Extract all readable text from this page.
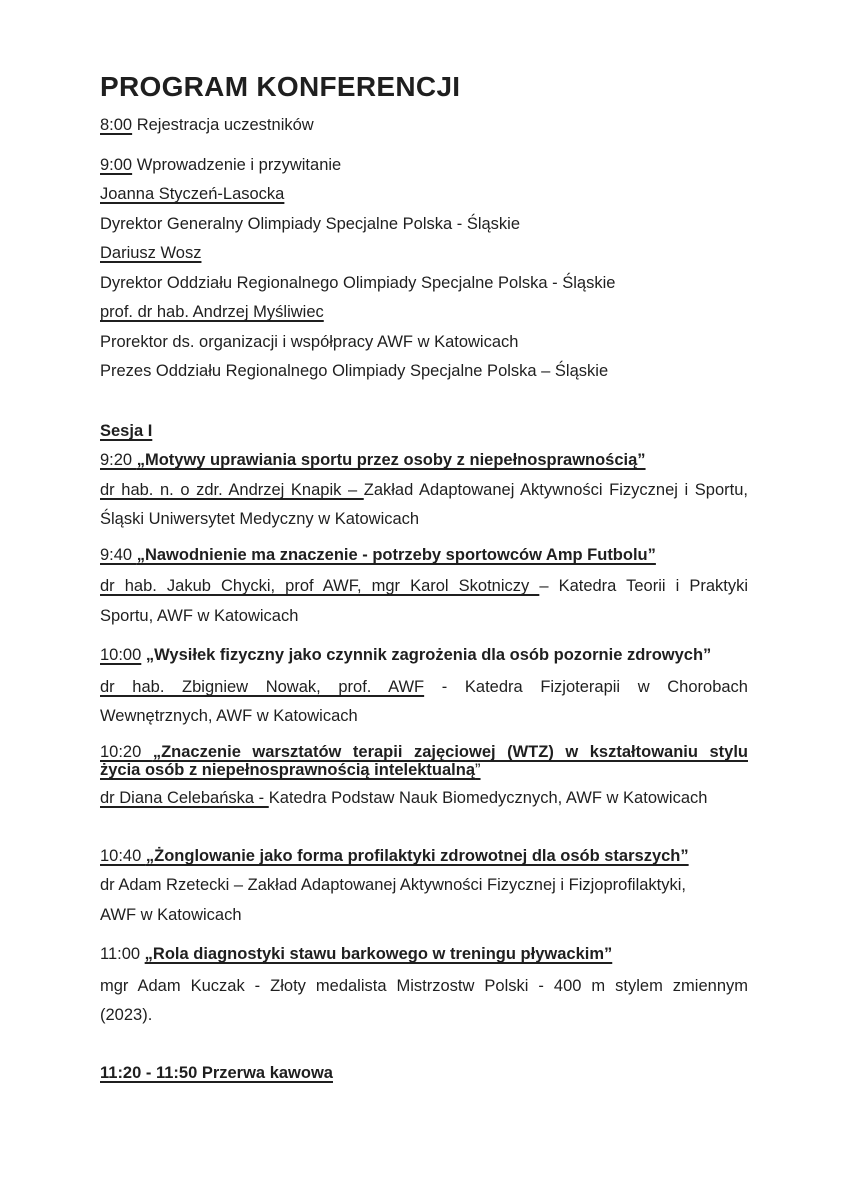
PROGRAM KONFERENCJI
8:00 Rejestracja uczestników
9:00 Wprowadzenie i przywitanie
Joanna Styczeń-Lasocka
Dyrektor Generalny Olimpiady Specjalne Polska - Śląskie
Dariusz Wosz
Dyrektor Oddziału Regionalnego Olimpiady Specjalne Polska - Śląskie
prof. dr hab. Andrzej Myśliwiec
Prorektor ds. organizacji i współpracy AWF w Katowicach
Prezes Oddziału Regionalnego Olimpiady Specjalne Polska – Śląskie
Sesja I
9:20 „Motywy uprawiania sportu przez osoby z niepełnosprawnością”
dr hab. n. o zdr. Andrzej Knapik – Zakład Adaptowanej Aktywności Fizycznej i Sportu,
Śląski Uniwersytet Medyczny w Katowicach
9:40 „Nawodnienie ma znaczenie - potrzeby sportowców Amp Futbolu”
dr hab. Jakub Chycki, prof AWF, mgr Karol Skotniczy – Katedra Teorii i Praktyki
Sportu, AWF w Katowicach
10:00 „Wysiłek fizyczny jako czynnik zagrożenia dla osób pozornie zdrowych”
dr hab. Zbigniew Nowak, prof. AWF - Katedra Fizjoterapii w Chorobach
Wewnętrznych, AWF w Katowicach
10:20 „Znaczenie warsztatów terapii zajęciowej (WTZ) w kształtowaniu stylu
życia osób z niepełnosprawnością intelektualną”
dr Diana Celebańska - Katedra Podstaw Nauk Biomedycznych, AWF w Katowicach
10:40 „Żonglowanie jako forma profilaktyki zdrowotnej dla osób starszych”
dr Adam Rzetecki – Zakład Adaptowanej Aktywności Fizycznej i Fizjoprofilaktyki,
AWF w Katowicach
11:00 „Rola diagnostyki stawu barkowego w treningu pływackim”
mgr Adam Kuczak - Złoty medalista Mistrzostw Polski - 400 m stylem zmiennym
(2023).
11:20 - 11:50 Przerwa kawowa
